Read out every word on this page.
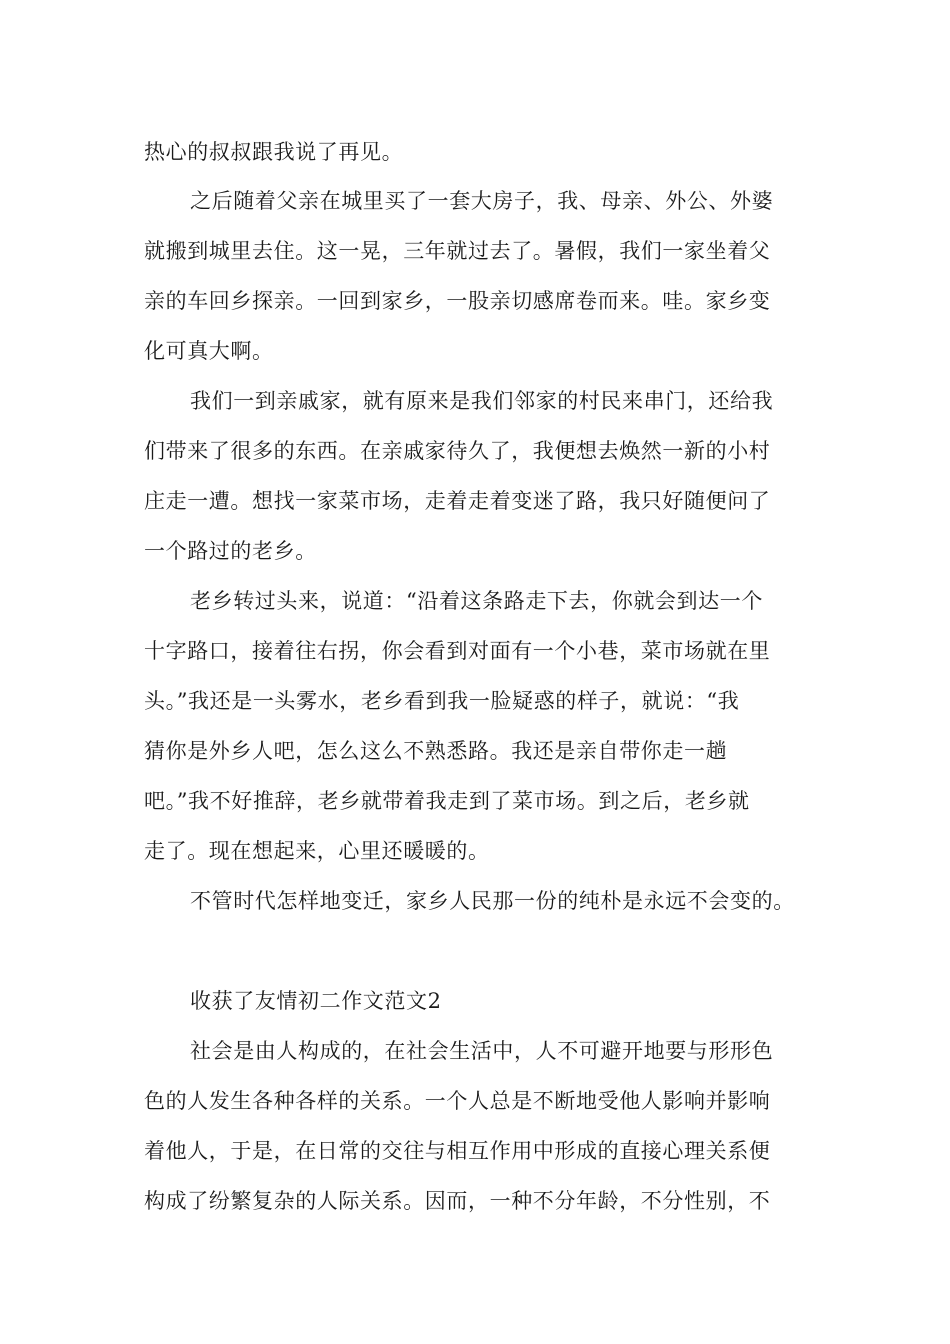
热心的叔叔跟我说了再见。

之后随着父亲在城里买了一套大房子，我、母亲、外公、外婆

就搬到城里去住。这一晃，三年就过去了。暑假，我们一家坐着父

亲的车回乡探亲。一回到家乡，一股亲切感席卷而来。哇。家乡变

化可真大啊。

我们一到亲戚家，就有原来是我们邻家的村民来串门，还给我

们带来了很多的东西。在亲戚家待久了，我便想去焕然一新的小村

庄走一遭。想找一家菜市场，走着走着变迷了路，我只好随便问了

一个路过的老乡。

老乡转过头来，说道：“沿着这条路走下去，你就会到达一个

十字路口，接着往右拐，你会看到对面有一个小巷，菜市场就在里

头。”我还是一头雾水，老乡看到我一脸疑惑的样子，就说：“我

猜你是外乡人吧，怎么这么不熟悉路。我还是亲自带你走一趟

吧。”我不好推辞，老乡就带着我走到了菜市场。到之后，老乡就

走了。现在想起来，心里还暖暖的。

不管时代怎样地变迁，家乡人民那一份的纯朴是永远不会变的。

收获了友情初二作文范文2

社会是由人构成的，在社会生活中，人不可避开地要与形形色

色的人发生各种各样的关系。一个人总是不断地受他人影响并影响

着他人，于是，在日常的交往与相互作用中形成的直接心理关系便

构成了纷繁复杂的人际关系。因而，一种不分年龄，不分性别，不
